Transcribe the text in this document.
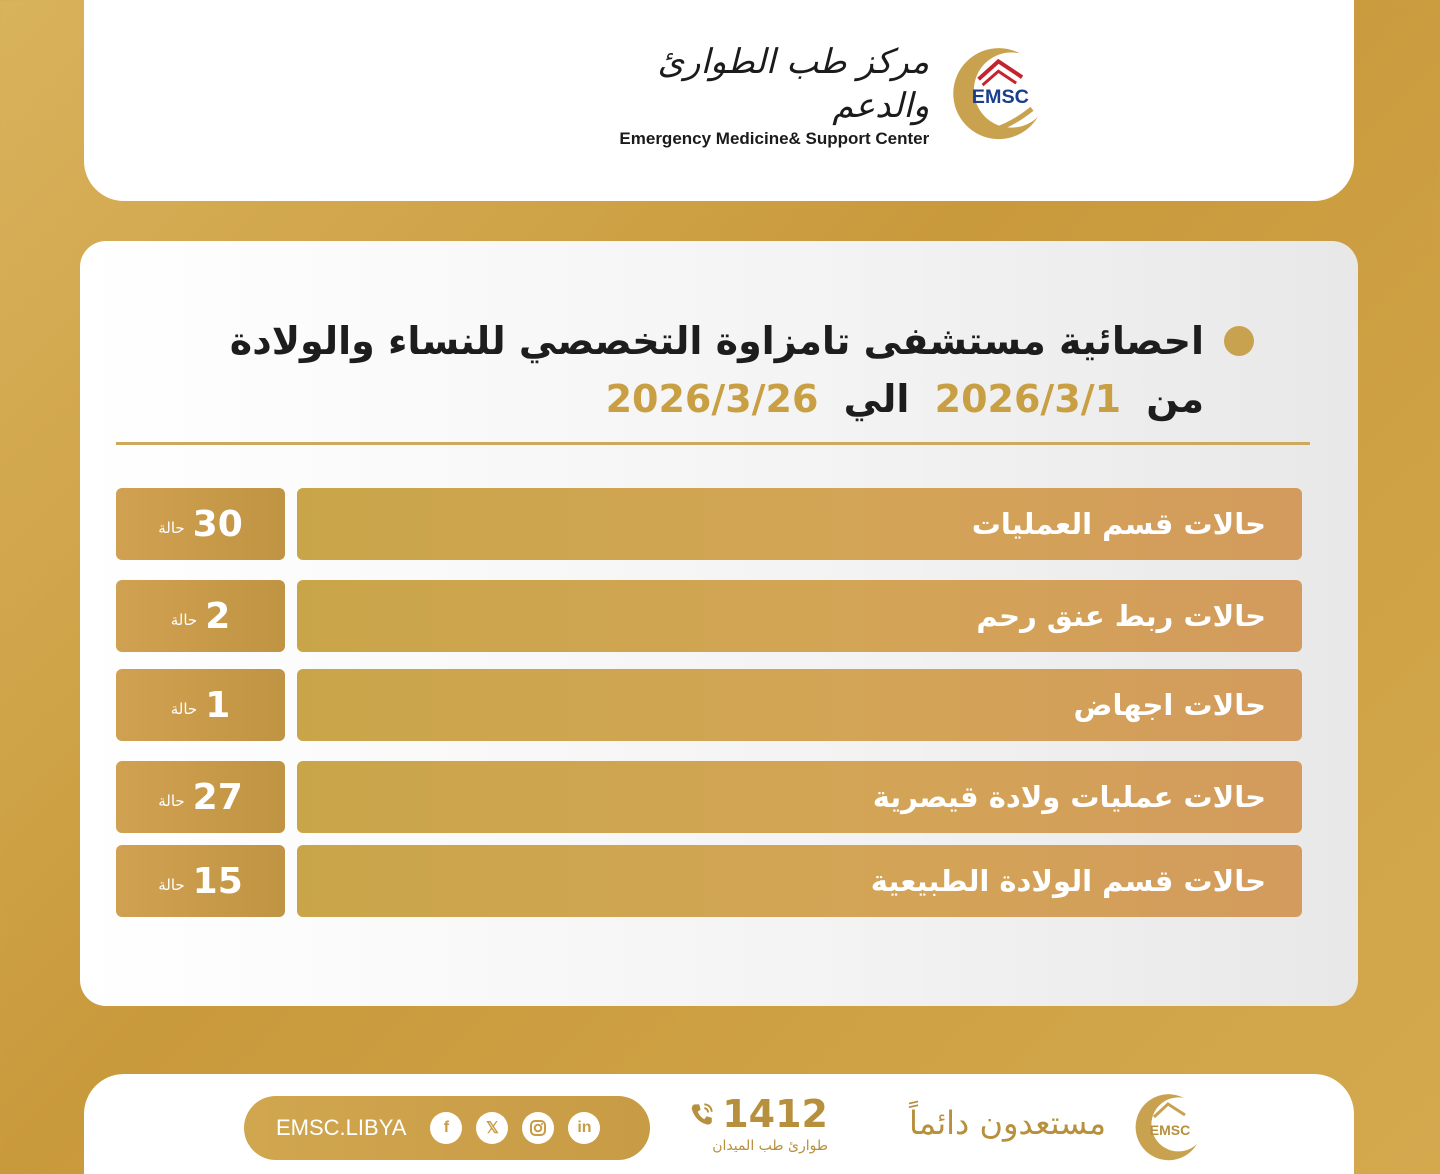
مركز طب الطوارئ والدعم
Emergency Medicine& Support Center
EMSC
احصائية مستشفى تامزاوة التخصصي للنساء والولادة
من 2026/3/1 الي 2026/3/26
حالة 30	حالات قسم العمليات
حالة 2	حالات ربط عنق رحم
حالة 1	حالات اجهاض
حالة 27	حالات عمليات ولادة قيصرية
حالة 15	حالات قسم الولادة الطبيعية
EMSC.LIBYA	f	𝕏	in	1412
طوارئ طب الميدان
مستعدون دائماً	EMSC
